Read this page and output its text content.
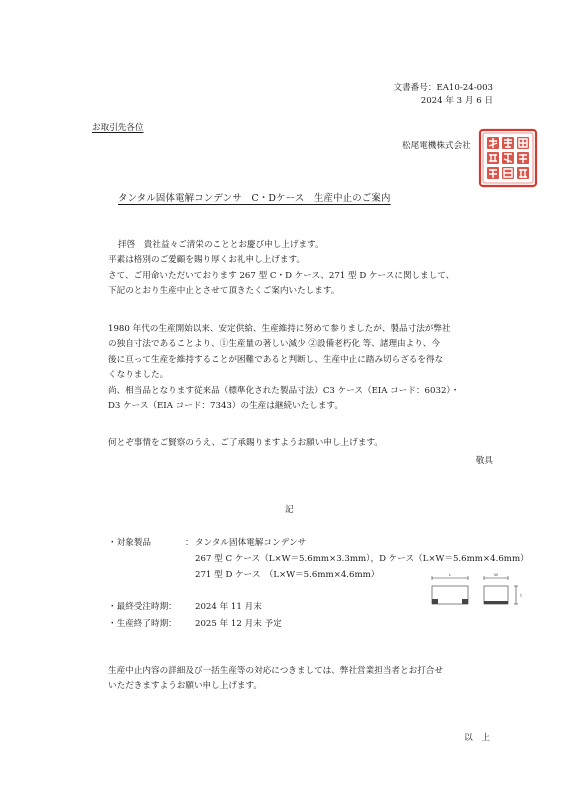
文書番号：EA10-24-003
2024 年 3 月 6 日
お取引先各位
松尾電機株式会社
タンタル固体電解コンデンサ　C・Dケース　生産中止のご案内

拝啓　貴社益々ご清栄のこととお慶び申し上げます。

平素は格別のご愛顧を賜り厚くお礼申し上げます。

さて、ご用命いただいております 267 型 C・D ケース、271 型 D ケースに関しまして、

下記のとおり生産中止とさせて頂きたくご案内いたします。

1980 年代の生産開始以来、安定供給、生産維持に努めて参りましたが、製品寸法が弊社

の独自寸法であることより、①生産量の著しい減少 ②設備老朽化 等、諸理由より、今

後に亘って生産を維持することが困難であると判断し、生産中止に踏み切らざるを得な

くなりました。

尚、相当品となります従来品（標準化された製品寸法）C3 ケース（EIA コード：6032）・

D3 ケース（EIA コード：7343）の生産は継続いたします。

何とぞ事情をご賢察のうえ、ご了承賜りますようお願い申し上げます。

敬具
記
・対象製品	： タンタル固体電解コンデンサ
267 型 C ケース（L×W＝5.6mm×3.3mm），D ケース（L×W＝5.6mm×4.6mm）
271 型 D ケース　（L×W＝5.6mm×4.6mm）	L	W
T
・最終受注時期： 2024 年 11 月末
・生産終了時期： 2025 年 12 月末 予定

生産中止内容の詳細及び一括生産等の対応につきましては、弊社営業担当者とお打合せ

いただきますようお願い申し上げます。

以 上
